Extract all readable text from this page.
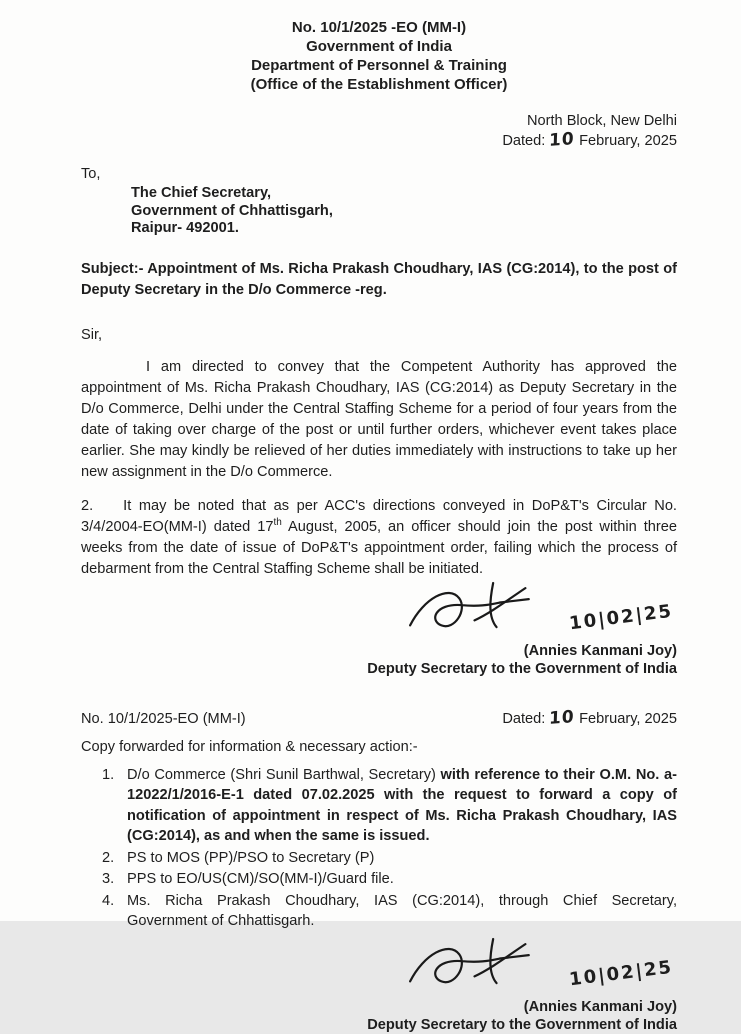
No. 10/1/2025 -EO (MM-I)
Government of India
Department of Personnel & Training
(Office of the Establishment Officer)
North Block, New Delhi
Dated: 10 February, 2025
To,
The Chief Secretary,
Government of Chhattisgarh,
Raipur- 492001.
Subject:- Appointment of Ms. Richa Prakash Choudhary, IAS (CG:2014), to the post of Deputy Secretary in the D/o Commerce -reg.
Sir,
I am directed to convey that the Competent Authority has approved the appointment of Ms. Richa Prakash Choudhary, IAS (CG:2014) as Deputy Secretary in the D/o Commerce, Delhi under the Central Staffing Scheme for a period of four years from the date of taking over charge of the post or until further orders, whichever event takes place earlier. She may kindly be relieved of her duties immediately with instructions to take up her new assignment in the D/o Commerce.
2. It may be noted that as per ACC's directions conveyed in DoP&T's Circular No. 3/4/2004-EO(MM-I) dated 17th August, 2005, an officer should join the post within three weeks from the date of issue of DoP&T's appointment order, failing which the process of debarment from the Central Staffing Scheme shall be initiated.
10|02|25
(Annies Kanmani Joy)
Deputy Secretary to the Government of India
No. 10/1/2025-EO (MM-I)	Dated: 10 February, 2025
Copy forwarded for information & necessary action:-
1. D/o Commerce (Shri Sunil Barthwal, Secretary) with reference to their O.M. No. a-12022/1/2016-E-1 dated 07.02.2025 with the request to forward a copy of notification of appointment in respect of Ms. Richa Prakash Choudhary, IAS (CG:2014), as and when the same is issued.
2. PS to MOS (PP)/PSO to Secretary (P)
3. PPS to EO/US(CM)/SO(MM-I)/Guard file.
4. Ms. Richa Prakash Choudhary, IAS (CG:2014), through Chief Secretary, Government of Chhattisgarh.
10|02|25
(Annies Kanmani Joy)
Deputy Secretary to the Government of India
